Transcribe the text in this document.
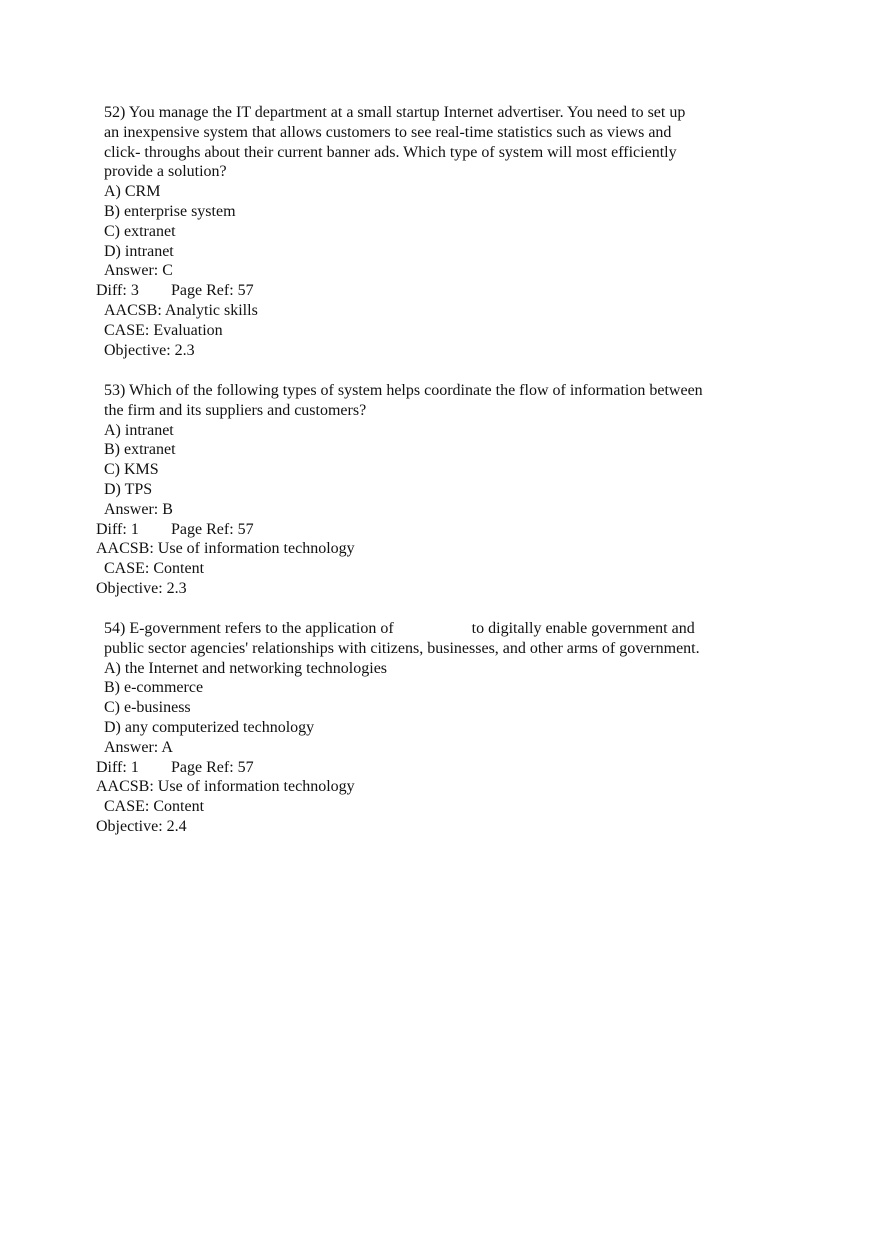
52) You manage the IT department at a small startup Internet advertiser. You need to set up
an inexpensive system that allows customers to see real-time statistics such as views and
click- throughs about their current banner ads. Which type of system will most efficiently
provide a solution?
A) CRM
B) enterprise system
C) extranet
D) intranet
Answer: C
Diff: 3 Page Ref: 57
AACSB: Analytic skills
CASE: Evaluation
Objective: 2.3
53) Which of the following types of system helps coordinate the flow of information between
the firm and its suppliers and customers?
A) intranet
B) extranet
C) KMS
D) TPS
Answer: B
Diff: 1 Page Ref: 57
AACSB: Use of information technology
CASE: Content
Objective: 2.3
54) E-government refers to the application of	to digitally enable government and
public sector agencies' relationships with citizens, businesses, and other arms of government.
A) the Internet and networking technologies
B) e-commerce
C) e-business
D) any computerized technology
Answer: A
Diff: 1 Page Ref: 57
AACSB: Use of information technology
CASE: Content
Objective: 2.4
